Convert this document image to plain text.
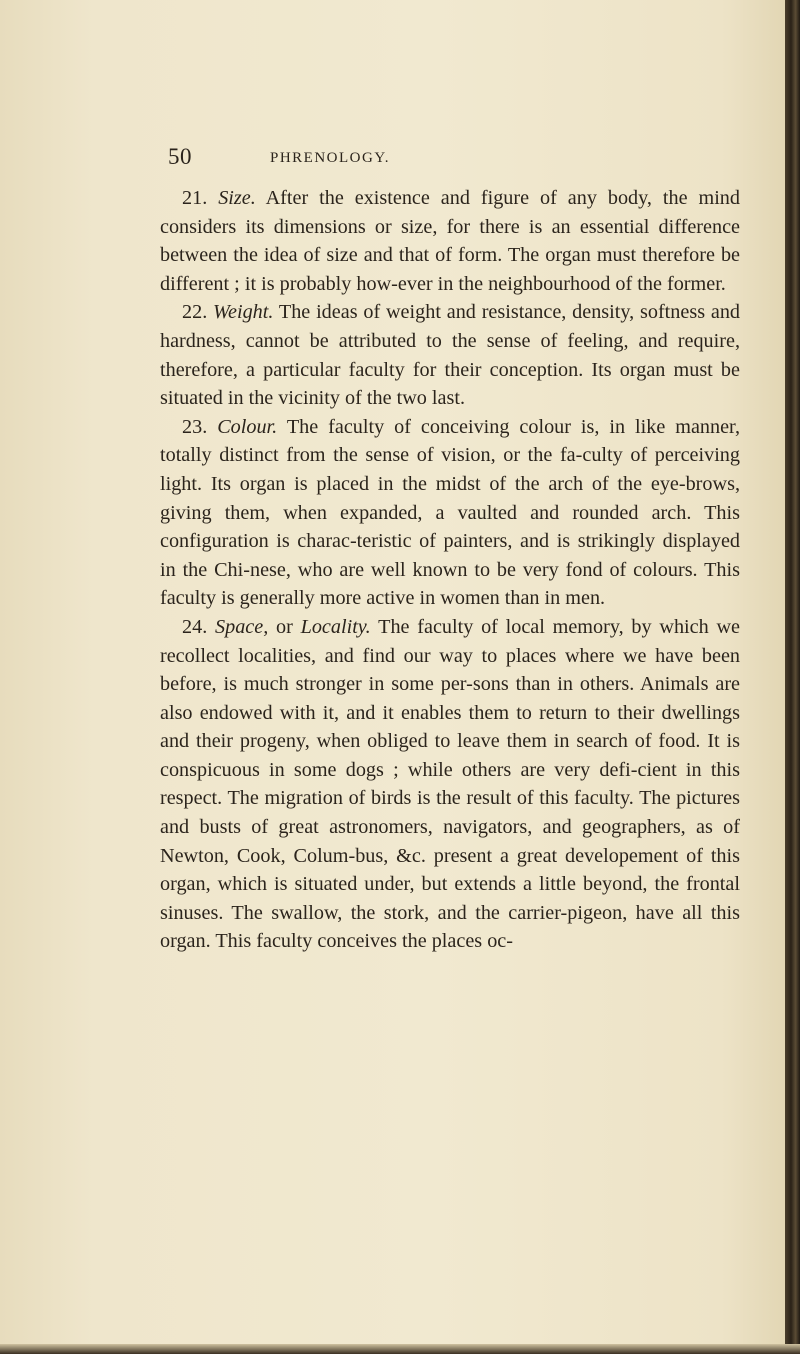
50	PHRENOLOGY.

21. Size. After the existence and figure of any body, the mind considers its dimensions or size, for there is an essential difference between the idea of size and that of form. The organ must therefore be different ; it is probably how-ever in the neighbourhood of the former.

22. Weight. The ideas of weight and resistance, density, softness and hardness, cannot be attributed to the sense of feeling, and require, therefore, a particular faculty for their conception. Its organ must be situated in the vicinity of the two last.

23. Colour. The faculty of conceiving colour is, in like manner, totally distinct from the sense of vision, or the fa-culty of perceiving light. Its organ is placed in the midst of the arch of the eye-brows, giving them, when expanded, a vaulted and rounded arch. This configuration is charac-teristic of painters, and is strikingly displayed in the Chi-nese, who are well known to be very fond of colours. This faculty is generally more active in women than in men.

24. Space, or Locality. The faculty of local memory, by which we recollect localities, and find our way to places where we have been before, is much stronger in some per-sons than in others. Animals are also endowed with it, and it enables them to return to their dwellings and their progeny, when obliged to leave them in search of food. It is conspicuous in some dogs ; while others are very defi-cient in this respect. The migration of birds is the result of this faculty. The pictures and busts of great astronomers, navigators, and geographers, as of Newton, Cook, Colum-bus, &c. present a great developement of this organ, which is situated under, but extends a little beyond, the frontal sinuses. The swallow, the stork, and the carrier-pigeon, have all this organ. This faculty conceives the places oc-
